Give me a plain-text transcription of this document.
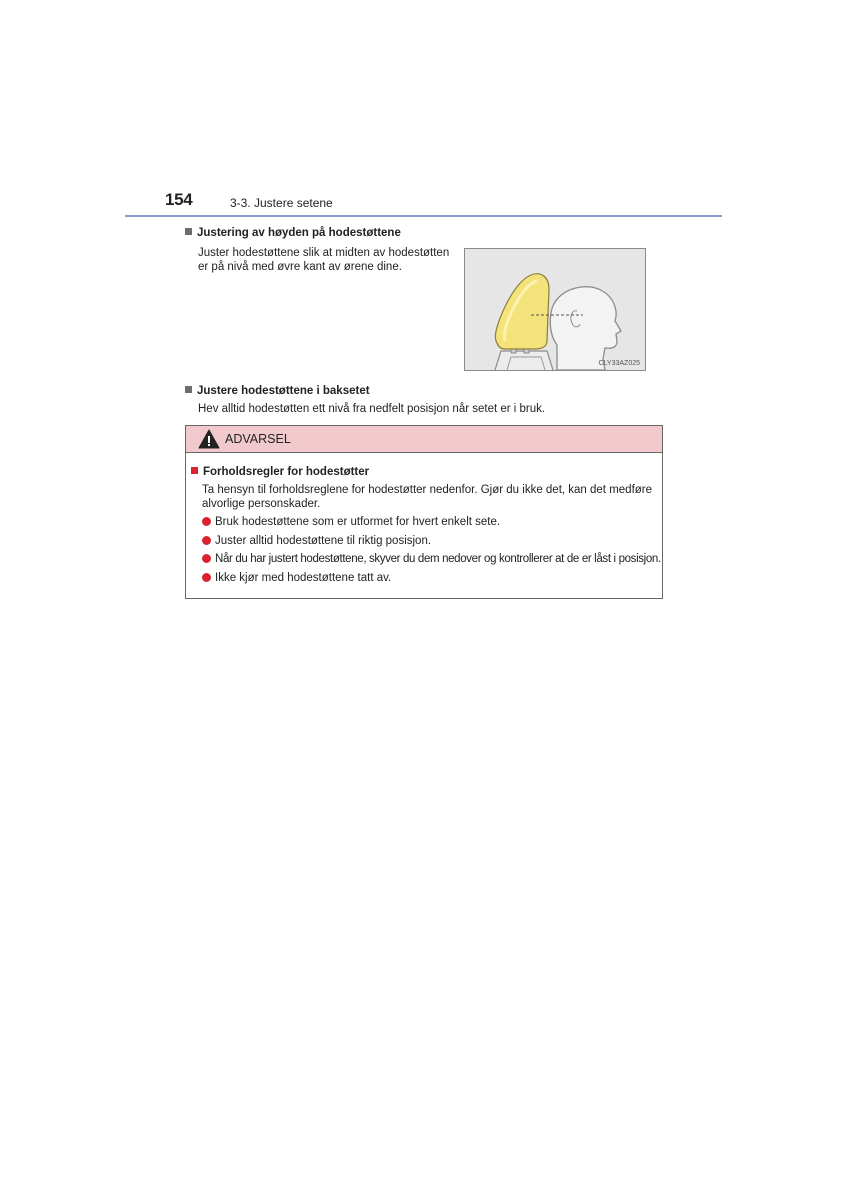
154	3-3. Justere setene
Justering av høyden på hodestøttene
Juster hodestøttene slik at midten av hodestøtten er på nivå med øvre kant av ørene dine.
CLY33AZ025
Justere hodestøttene i baksetet
Hev alltid hodestøtten ett nivå fra nedfelt posisjon når setet er i bruk.
ADVARSEL
Forholdsregler for hodestøtter
Ta hensyn til forholdsreglene for hodestøtter nedenfor. Gjør du ikke det, kan det medføre alvorlige personskader.
Bruk hodestøttene som er utformet for hvert enkelt sete.
Juster alltid hodestøttene til riktig posisjon.
Når du har justert hodestøttene, skyver du dem nedover og kontrollerer at de er låst i posisjon.
Ikke kjør med hodestøttene tatt av.
